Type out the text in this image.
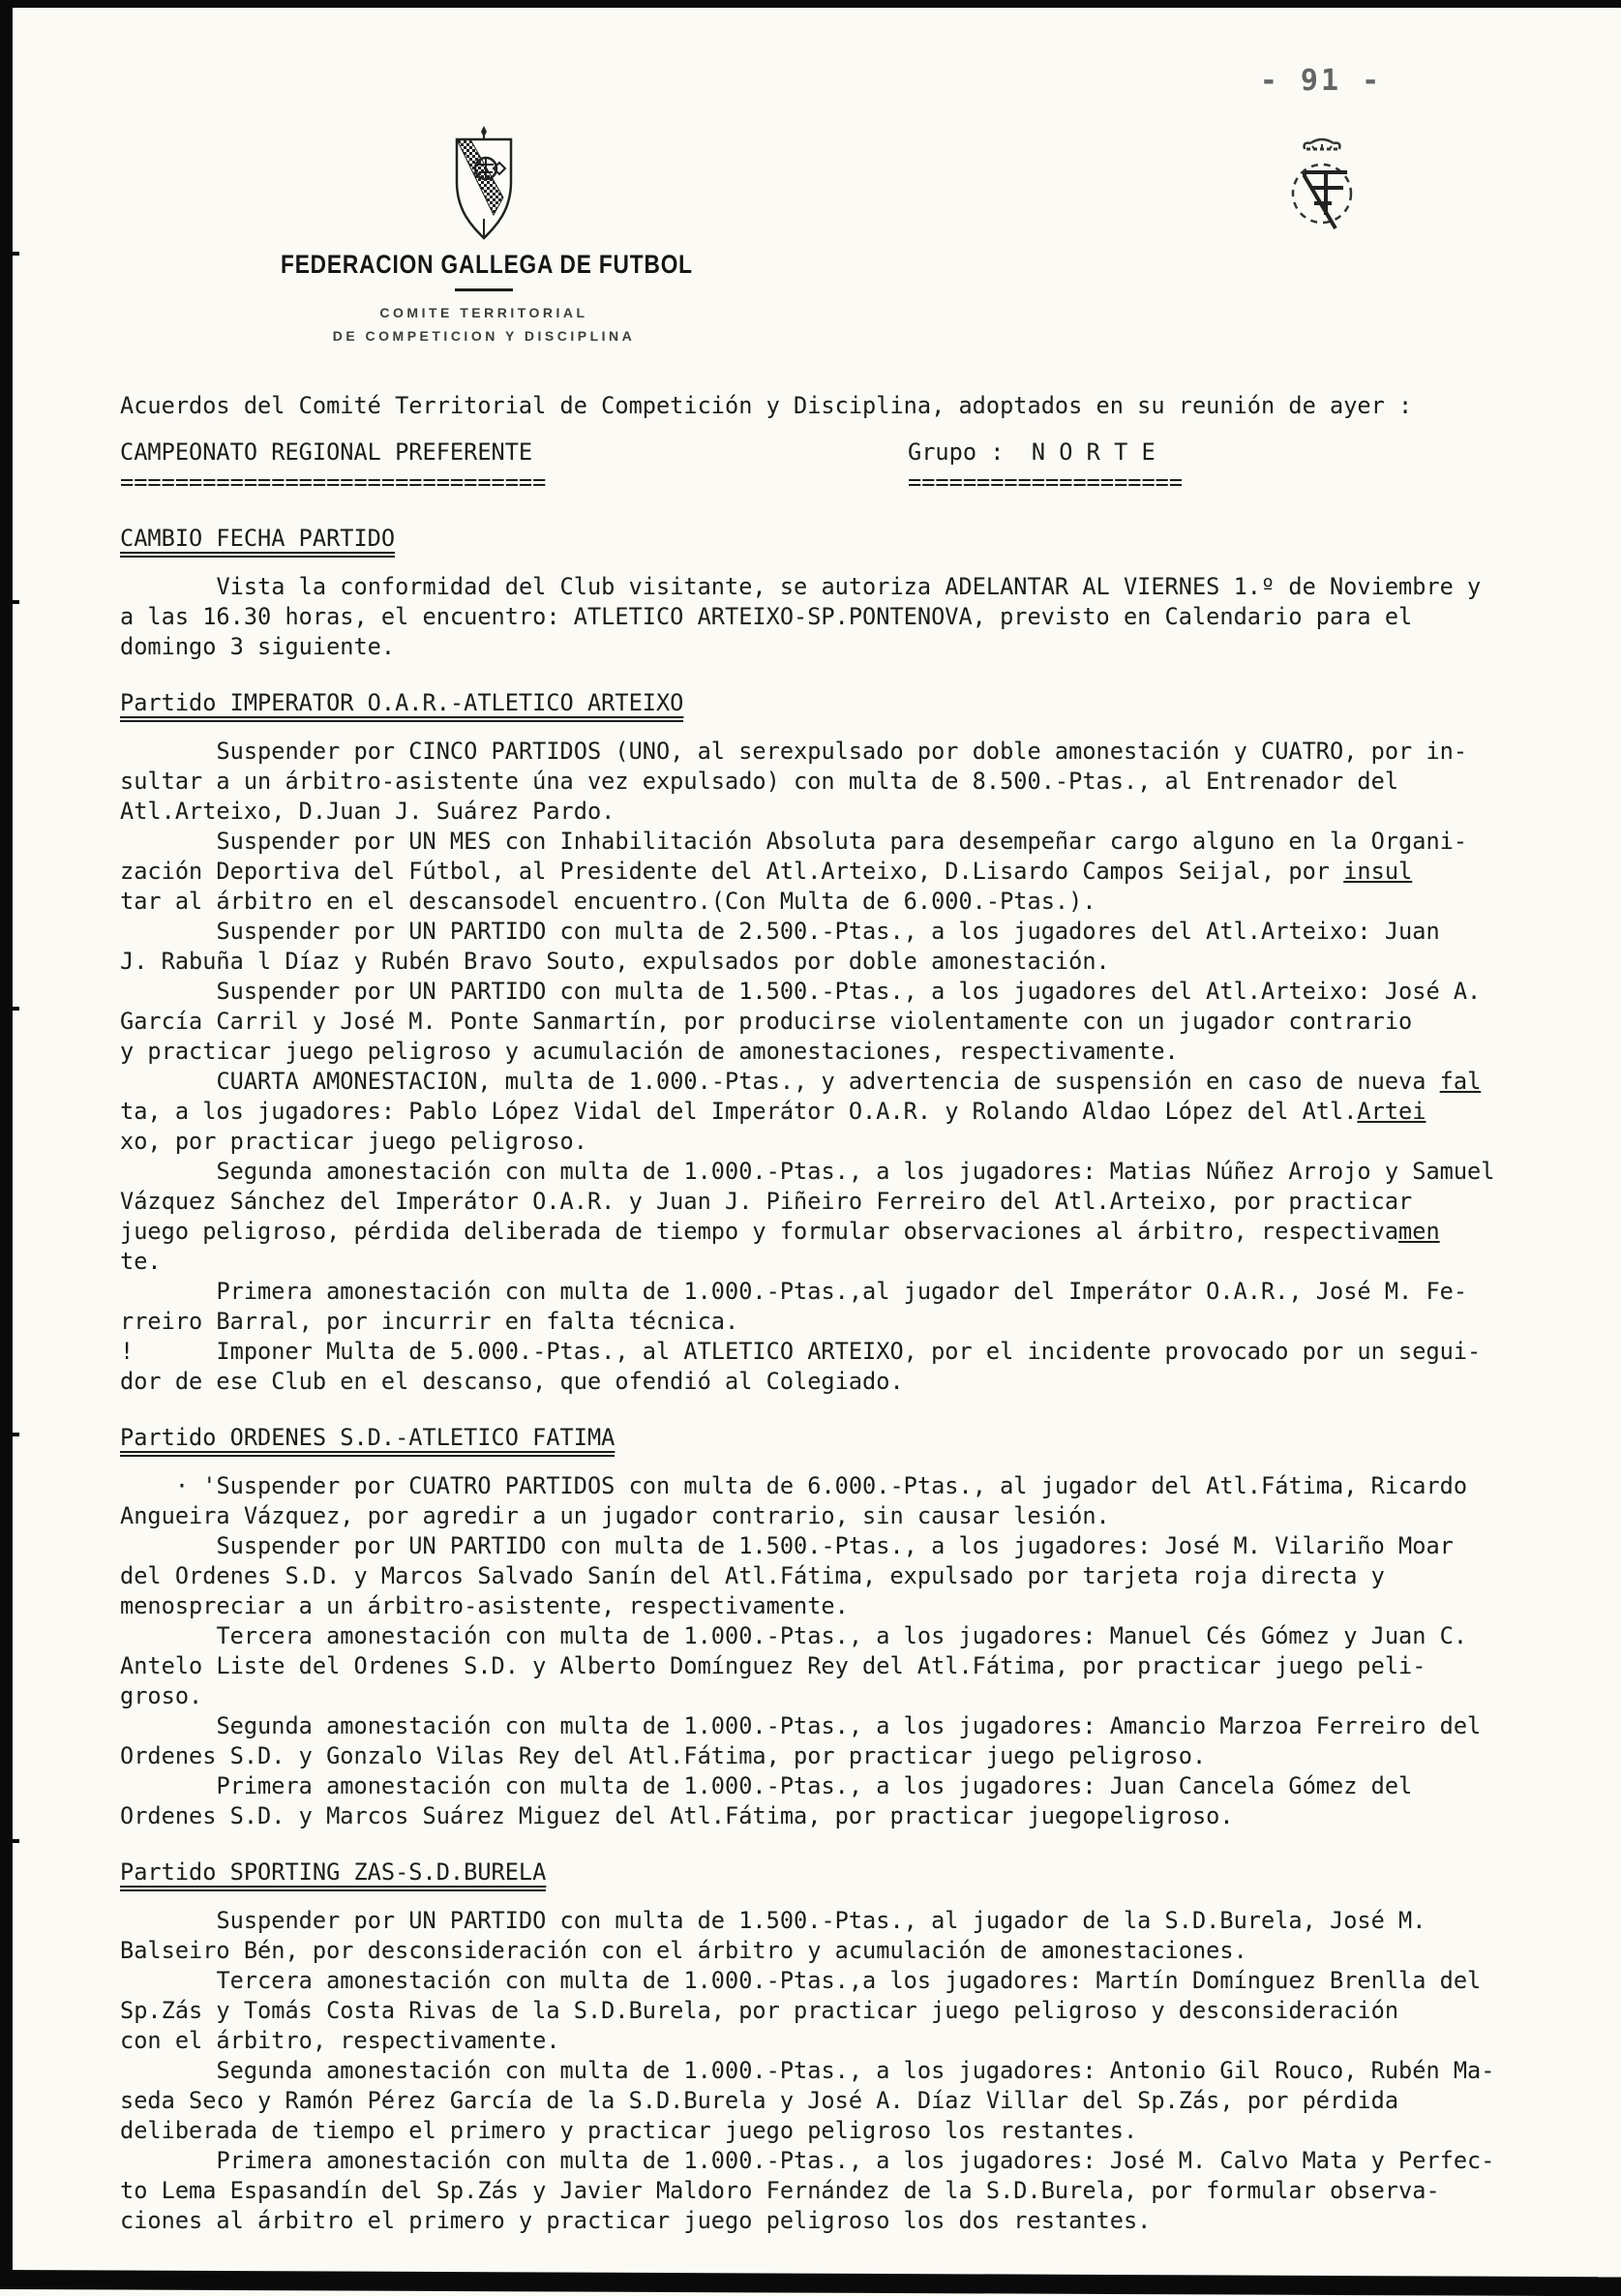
- 91 -
FEDERACION GALLEGA DE FUTBOL
COMITE TERRITORIAL
DE COMPETICION Y DISCIPLINA
Acuerdos del Comité Territorial de Competición y Disciplina, adoptados en su reunión de ayer :
CAMPEONATO REGIONAL PREFERENTE
===============================
Grupo :  N O R T E
====================
CAMBIO FECHA PARTIDO
Vista la conformidad del Club visitante, se autoriza ADELANTAR AL VIERNES 1.º de Noviembre y
a las 16.30 horas, el encuentro: ATLETICO ARTEIXO-SP.PONTENOVA, previsto en Calendario para el
domingo 3 siguiente.
Partido IMPERATOR O.A.R.-ATLETICO ARTEIXO
Suspender por CINCO PARTIDOS (UNO, al serexpulsado por doble amonestación y CUATRO, por in-
sultar a un árbitro-asistente úna vez expulsado) con multa de 8.500.-Ptas., al Entrenador del
Atl.Arteixo, D.Juan J. Suárez Pardo.
Suspender por UN MES con Inhabilitación Absoluta para desempeñar cargo alguno en la Organi-
zación Deportiva del Fútbol, al Presidente del Atl.Arteixo, D.Lisardo Campos Seijal, por insul
tar al árbitro en el descansodel encuentro.(Con Multa de 6.000.-Ptas.).
Suspender por UN PARTIDO con multa de 2.500.-Ptas., a los jugadores del Atl.Arteixo: Juan
J. Rabuña l Díaz y Rubén Bravo Souto, expulsados por doble amonestación.
Suspender por UN PARTIDO con multa de 1.500.-Ptas., a los jugadores del Atl.Arteixo: José A.
García Carril y José M. Ponte Sanmartín, por producirse violentamente con un jugador contrario
y practicar juego peligroso y acumulación de amonestaciones, respectivamente.
CUARTA AMONESTACION, multa de 1.000.-Ptas., y advertencia de suspensión en caso de nueva fal
ta, a los jugadores: Pablo López Vidal del Imperátor O.A.R. y Rolando Aldao López del Atl.Artei
xo, por practicar juego peligroso.
Segunda amonestación con multa de 1.000.-Ptas., a los jugadores: Matias Núñez Arrojo y Samuel
Vázquez Sánchez del Imperátor O.A.R. y Juan J. Piñeiro Ferreiro del Atl.Arteixo, por practicar
juego peligroso, pérdida deliberada de tiempo y formular observaciones al árbitro, respectivamen
te.
Primera amonestación con multa de 1.000.-Ptas.,al jugador del Imperátor O.A.R., José M. Fe-
rreiro Barral, por incurrir en falta técnica.
!      Imponer Multa de 5.000.-Ptas., al ATLETICO ARTEIXO, por el incidente provocado por un segui-
dor de ese Club en el descanso, que ofendió al Colegiado.
Partido ORDENES S.D.-ATLETICO FATIMA
· 'Suspender por CUATRO PARTIDOS con multa de 6.000.-Ptas., al jugador del Atl.Fátima, Ricardo
Angueira Vázquez, por agredir a un jugador contrario, sin causar lesión.
Suspender por UN PARTIDO con multa de 1.500.-Ptas., a los jugadores: José M. Vilariño Moar
del Ordenes S.D. y Marcos Salvado Sanín del Atl.Fátima, expulsado por tarjeta roja directa y
menospreciar a un árbitro-asistente, respectivamente.
Tercera amonestación con multa de 1.000.-Ptas., a los jugadores: Manuel Cés Gómez y Juan C.
Antelo Liste del Ordenes S.D. y Alberto Domínguez Rey del Atl.Fátima, por practicar juego peli-
groso.
Segunda amonestación con multa de 1.000.-Ptas., a los jugadores: Amancio Marzoa Ferreiro del
Ordenes S.D. y Gonzalo Vilas Rey del Atl.Fátima, por practicar juego peligroso.
Primera amonestación con multa de 1.000.-Ptas., a los jugadores: Juan Cancela Gómez del
Ordenes S.D. y Marcos Suárez Miguez del Atl.Fátima, por practicar juegopeligroso.
Partido SPORTING ZAS-S.D.BURELA
Suspender por UN PARTIDO con multa de 1.500.-Ptas., al jugador de la S.D.Burela, José M.
Balseiro Bén, por desconsideración con el árbitro y acumulación de amonestaciones.
Tercera amonestación con multa de 1.000.-Ptas.,a los jugadores: Martín Domínguez Brenlla del
Sp.Zás y Tomás Costa Rivas de la S.D.Burela, por practicar juego peligroso y desconsideración
con el árbitro, respectivamente.
Segunda amonestación con multa de 1.000.-Ptas., a los jugadores: Antonio Gil Rouco, Rubén Ma-
seda Seco y Ramón Pérez García de la S.D.Burela y José A. Díaz Villar del Sp.Zás, por pérdida
deliberada de tiempo el primero y practicar juego peligroso los restantes.
Primera amonestación con multa de 1.000.-Ptas., a los jugadores: José M. Calvo Mata y Perfec-
to Lema Espasandín del Sp.Zás y Javier Maldoro Fernández de la S.D.Burela, por formular observa-
ciones al árbitro el primero y practicar juego peligroso los dos restantes.
